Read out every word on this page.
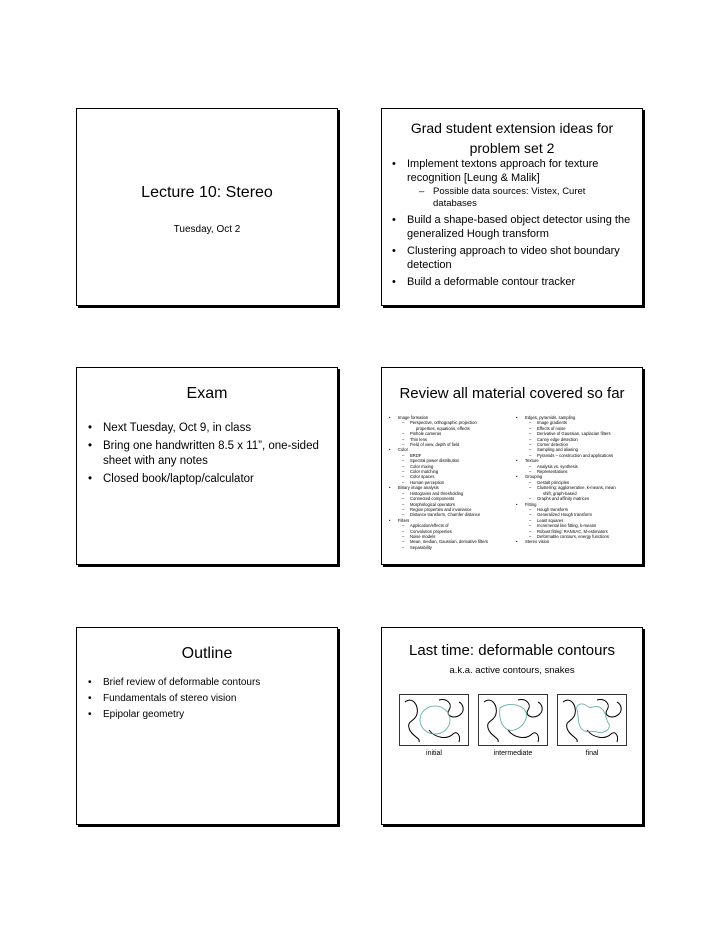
Lecture 10: Stereo
Tuesday, Oct 2
Grad student extension ideas for
problem set 2
• Implement textons approach for texture recognition [Leung & Malik]
– Possible data sources: Vistex, Curet databases
• Build a shape-based object detector using the generalized Hough transform
• Clustering approach to video shot boundary detection
• Build a deformable contour tracker
Exam
• Next Tuesday, Oct 9, in class
• Bring one handwritten 8.5 x 11”, one-sided sheet with any notes
• Closed book/laptop/calculator
Review all material covered so far
• Image formation
– Perspective, orthographic projection
properties, equations, effects
– Pinhole cameras
– Thin lens
– Field of view, depth of field
• Color
– BRDF
– Spectral power distribution
– Color mixing
– Color matching
– Color spaces
– Human perception
• Binary image analysis
– Histograms and thresholding
– Connected components
– Morphological operators
– Region properties and invariance
– Distance transform, Chamfer distance
• Filters
– Application/effects of
– Convolution properties
– Noise models
– Mean, median, Gaussian, derivative filters
– Separability
• Edges, pyramids, sampling
– Image gradients
– Effects of noise
– Derivative of Gaussian, Laplacian filters
– Canny edge detection
– Corner detection
– Sampling and aliasing
– Pyramids – construction and applications
• Texture
– Analysis vs. synthesis
– Representations
• Grouping
– Gestalt principles
– Clustering: agglomerative, k-means, mean
shift, graph-based
– Graphs and affinity matrices
• Fitting
– Hough transform
– Generalized Hough transform
– Least squares
– Incremental line fitting, k-means
– Robust fitting: RANSAC, M-estimators
– Deformable contours, energy functions
• Stereo vision
Outline
• Brief review of deformable contours
• Fundamentals of stereo vision
• Epipolar geometry
Last time: deformable contours
a.k.a. active contours, snakes
initial	intermediate	final
